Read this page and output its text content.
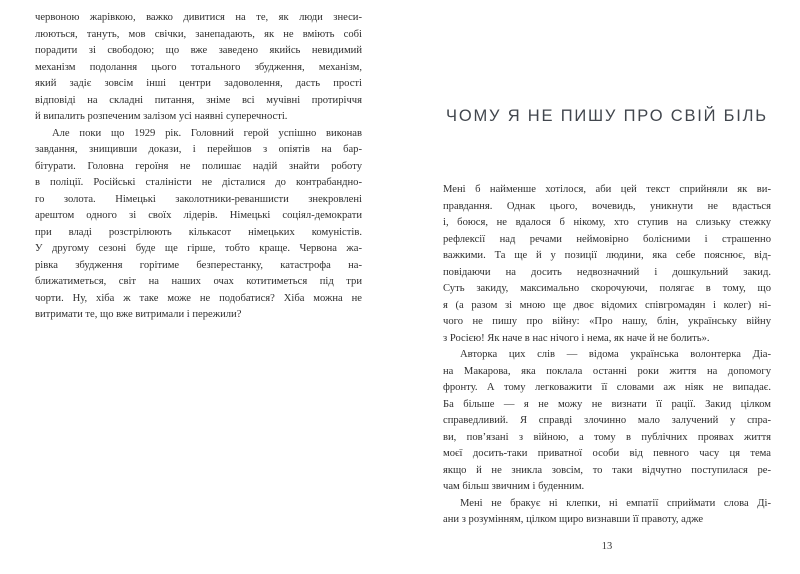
червоною жарівкою, важко дивитися на те, як люди знеси-
люються, тануть, мов свічки, занепадають, як не вміють собі
порадити зі свободою; що вже заведено якийсь невидимий
механізм подолання цього тотального збудження, механізм,
який задіє зовсім інші центри задоволення, дасть прості
відповіді на складні питання, зніме всі мучівні протиріччя
й випалить розпеченим залізом усі наявні суперечності.
Але поки що 1929 рік. Головний герой успішно виконав
завдання, знищивши докази, і перейшов з опіятів на бар-
бітурати. Головна героїня не полишає надій знайти роботу
в поліції. Російські сталіністи не дісталися до контрабандно-
го золота. Німецькі заколотники-реваншисти знекровлені
арештом одного зі своїх лідерів. Німецькі соціял-демократи
при владі розстрілюють кількасот німецьких комуністів.
У другому сезоні буде ще гірше, тобто краще. Червона жа-
рівка збудження горітиме безперестанку, катастрофа на-
ближатиметься, світ на наших очах котитиметься під три
чорти. Ну, хіба ж таке може не подобатися? Хіба можна не
витримати те, що вже витримали і пережили?
ЧОМУ Я НЕ ПИШУ ПРО СВІЙ БІЛЬ
Мені б найменше хотілося, аби цей текст сприйняли як ви-
правдання. Однак цього, вочевидь, уникнути не вдасться
і, боюся, не вдалося б нікому, хто ступив на слизьку стежку
рефлексії над речами неймовірно болісними і страшенно
важкими. Та ще й у позиції людини, яка себе пояснює, від-
повідаючи на досить недвозначний і дошкульний закид.
Суть закиду, максимально скорочуючи, полягає в тому, що
я (а разом зі мною ще двоє відомих співгромадян і колег) ні-
чого не пишу про війну: «Про нашу, блін, українську війну
з Росією! Як наче в нас нічого і нема, як наче й не болить».
Авторка цих слів — відома українська волонтерка Діа-
на Макарова, яка поклала останні роки життя на допомогу
фронту. А тому легковажити її словами аж ніяк не випадає.
Ба більше — я не можу не визнати її рації. Закид цілком
справедливий. Я справді злочинно мало залучений у спра-
ви, пов’язані з війною, а тому в публічних проявах життя
моєї досить-таки приватної особи від певного часу ця тема
якщо й не зникла зовсім, то таки відчутно поступилася ре-
чам більш звичним і буденним.
Мені не бракує ні клепки, ні емпатії сприймати слова Ді-
ани з розумінням, цілком щиро визнавши її правоту, адже
13
